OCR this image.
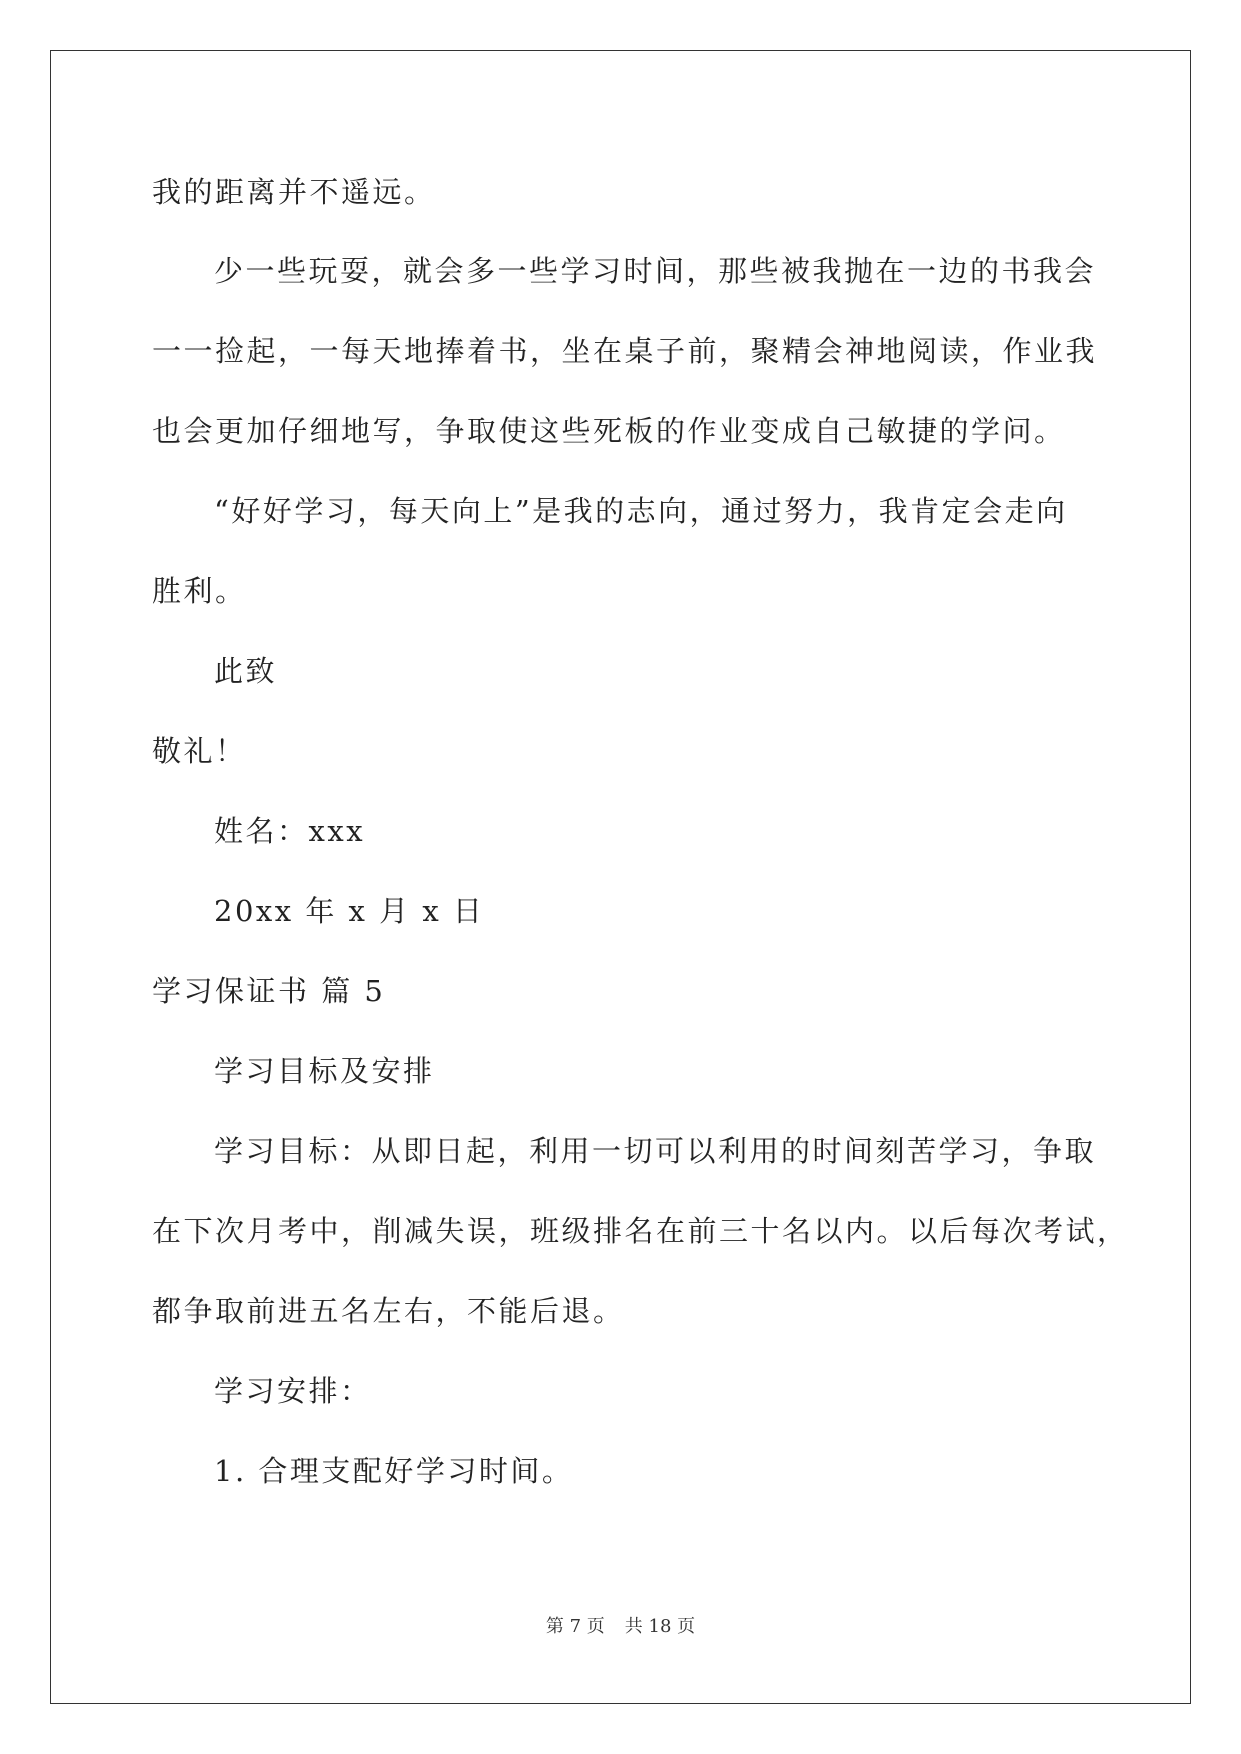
我的距离并不遥远。
少一些玩耍，就会多一些学习时间，那些被我抛在一边的书我会
一一捡起，一每天地捧着书，坐在桌子前，聚精会神地阅读，作业我
也会更加仔细地写，争取使这些死板的作业变成自己敏捷的学问。
“好好学习，每天向上”是我的志向，通过努力，我肯定会走向
胜利。
此致
敬礼！
姓名：xxx
20xx 年 x 月 x 日
学习保证书 篇 5
学习目标及安排
学习目标：从即日起，利用一切可以利用的时间刻苦学习，争取
在下次月考中，削减失误，班级排名在前三十名以内。以后每次考试，
都争取前进五名左右，不能后退。
学习安排：
1. 合理支配好学习时间。
第 7 页 共 18 页
